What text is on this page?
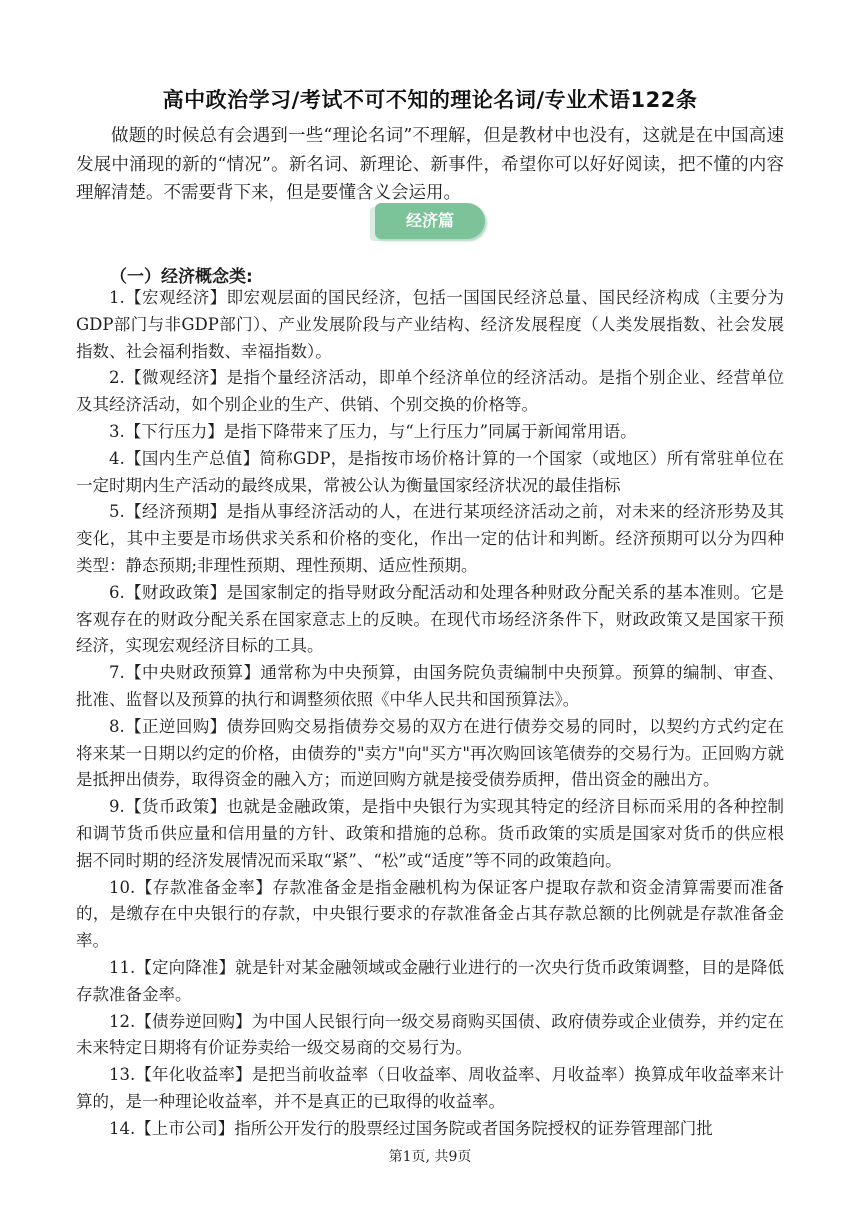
高中政治学习/考试不可不知的理论名词/专业术语122条

做题的时候总有会遇到一些“理论名词”不理解，但是教材中也没有，这就是在中国高速发展中涌现的新的“情况”。新名词、新理论、新事件，希望你可以好好阅读，把不懂的内容理解清楚。不需要背下来，但是要懂含义会运用。

经济篇
（一）经济概念类:

1.【宏观经济】即宏观层面的国民经济，包括一国国民经济总量、国民经济构成（主要分为GDP部门与非GDP部门）、产业发展阶段与产业结构、经济发展程度（人类发展指数、社会发展指数、社会福利指数、幸福指数）。

2.【微观经济】是指个量经济活动，即单个经济单位的经济活动。是指个别企业、经营单位及其经济活动，如个别企业的生产、供销、个别交换的价格等。

3.【下行压力】是指下降带来了压力，与“上行压力”同属于新闻常用语。

4.【国内生产总值】简称GDP，是指按市场价格计算的一个国家（或地区）所有常驻单位在一定时期内生产活动的最终成果，常被公认为衡量国家经济状况的最佳指标

5.【经济预期】是指从事经济活动的人，在进行某项经济活动之前，对未来的经济形势及其变化，其中主要是市场供求关系和价格的变化，作出一定的估计和判断。经济预期可以分为四种类型：静态预期;非理性预期、理性预期、适应性预期。

6.【财政政策】是国家制定的指导财政分配活动和处理各种财政分配关系的基本准则。它是客观存在的财政分配关系在国家意志上的反映。在现代市场经济条件下，财政政策又是国家干预经济，实现宏观经济目标的工具。

7.【中央财政预算】通常称为中央预算，由国务院负责编制中央预算。预算的编制、审查、批准、监督以及预算的执行和调整须依照《中华人民共和国预算法》。

8.【正逆回购】债券回购交易指债券交易的双方在进行债券交易的同时，以契约方式约定在将来某一日期以约定的价格，由债券的"卖方"向"买方"再次购回该笔债券的交易行为。正回购方就是抵押出债券，取得资金的融入方；而逆回购方就是接受债券质押，借出资金的融出方。

9.【货币政策】也就是金融政策，是指中央银行为实现其特定的经济目标而采用的各种控制和调节货币供应量和信用量的方针、政策和措施的总称。货币政策的实质是国家对货币的供应根据不同时期的经济发展情况而采取“紧”、“松”或“适度”等不同的政策趋向。

10.【存款准备金率】存款准备金是指金融机构为保证客户提取存款和资金清算需要而准备的，是缴存在中央银行的存款，中央银行要求的存款准备金占其存款总额的比例就是存款准备金率。

11.【定向降准】就是针对某金融领域或金融行业进行的一次央行货币政策调整，目的是降低存款准备金率。

12.【债券逆回购】为中国人民银行向一级交易商购买国债、政府债券或企业债券，并约定在未来特定日期将有价证券卖给一级交易商的交易行为。

13.【年化收益率】是把当前收益率（日收益率、周收益率、月收益率）换算成年收益率来计算的，是一种理论收益率，并不是真正的已取得的收益率。

14.【上市公司】指所公开发行的股票经过国务院或者国务院授权的证券管理部门批

第1页, 共9页
